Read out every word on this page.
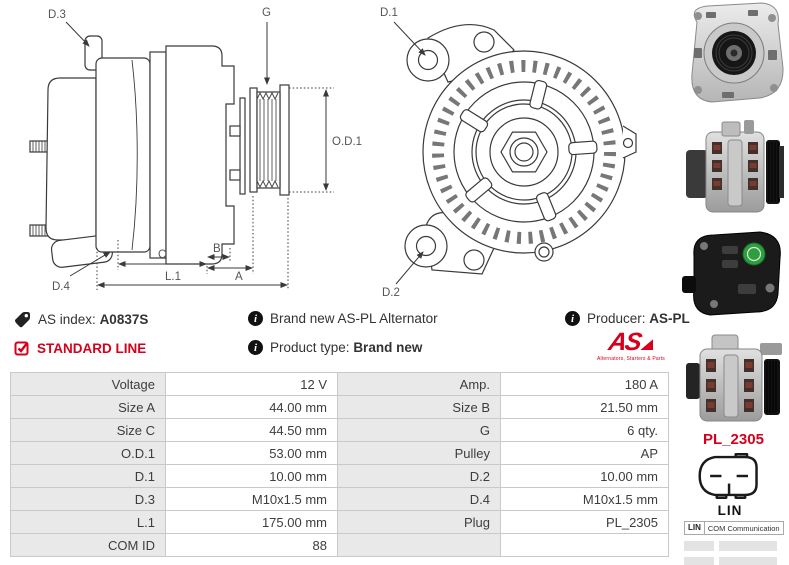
D.3	G
D.4
O.D.1
C	B
A
L.1
D.1
D.2
AS index: A0837S	i Brand new AS-PL Alternator	i Producer: AS-PL
STANDARD LINE	i Product type: Brand new	AS
Alternators, Starters & Parts
Voltage	12 V	Amp.	180 A
Size A	44.00 mm	Size B	21.50 mm
Size C	44.50 mm	G	6 qty.
O.D.1	53.00 mm	Pulley	AP
D.1	10.00 mm	D.2	10.00 mm
D.3	M10x1.5 mm	D.4	M10x1.5 mm
L.1	175.00 mm	Plug	PL_2305
COM ID	88		
PL_2305
LIN
LIN COM Communication
